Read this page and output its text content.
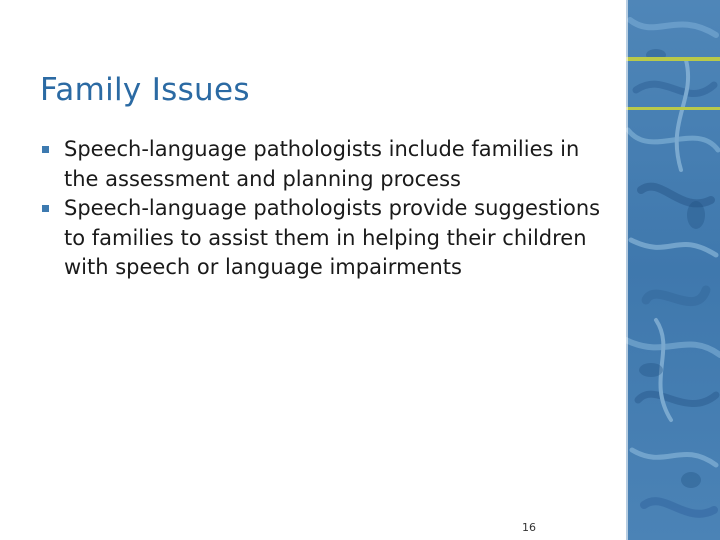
Family Issues
Speech-language pathologists include families in the assessment and planning process
Speech-language pathologists provide suggestions to families to assist them in helping their children with speech or language impairments
16
